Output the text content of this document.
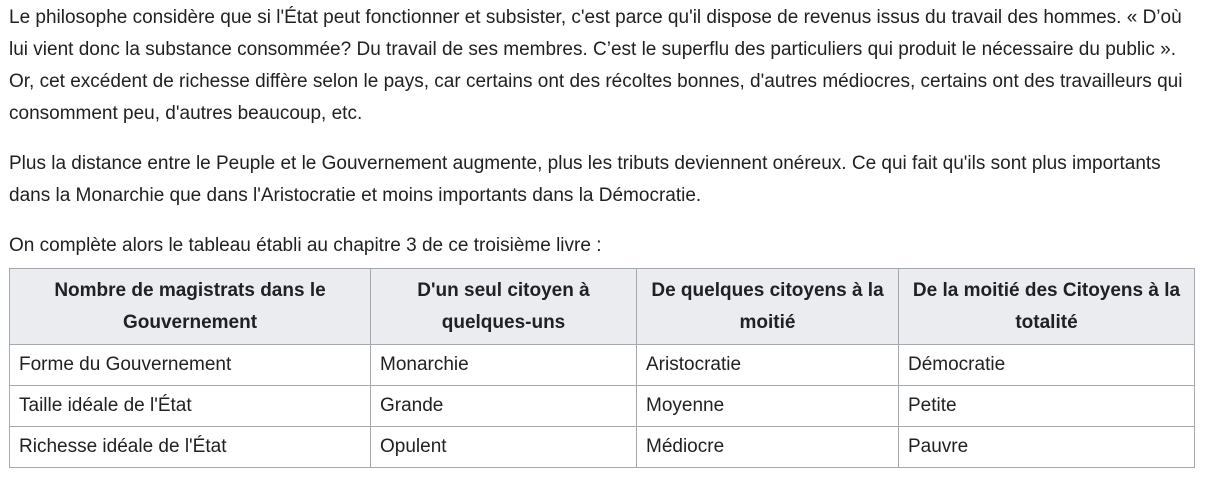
Le philosophe considère que si l'État peut fonctionner et subsister, c'est parce qu'il dispose de revenus issus du travail des hommes. « D’où lui vient donc la substance consommée? Du travail de ses membres. C’est le superflu des particuliers qui produit le nécessaire du public ». Or, cet excédent de richesse diffère selon le pays, car certains ont des récoltes bonnes, d'autres médiocres, certains ont des travailleurs qui consomment peu, d'autres beaucoup, etc.

Plus la distance entre le Peuple et le Gouvernement augmente, plus les tributs deviennent onéreux. Ce qui fait qu'ils sont plus importants dans la Monarchie que dans l'Aristocratie et moins importants dans la Démocratie.

On complète alors le tableau établi au chapitre 3 de ce troisième livre :

Nombre de magistrats dans le Gouvernement	D'un seul citoyen à quelques-uns	De quelques citoyens à la moitié	De la moitié des Citoyens à la totalité
Forme du Gouvernement	Monarchie	Aristocratie	Démocratie
Taille idéale de l'État	Grande	Moyenne	Petite
Richesse idéale de l'État	Opulent	Médiocre	Pauvre
